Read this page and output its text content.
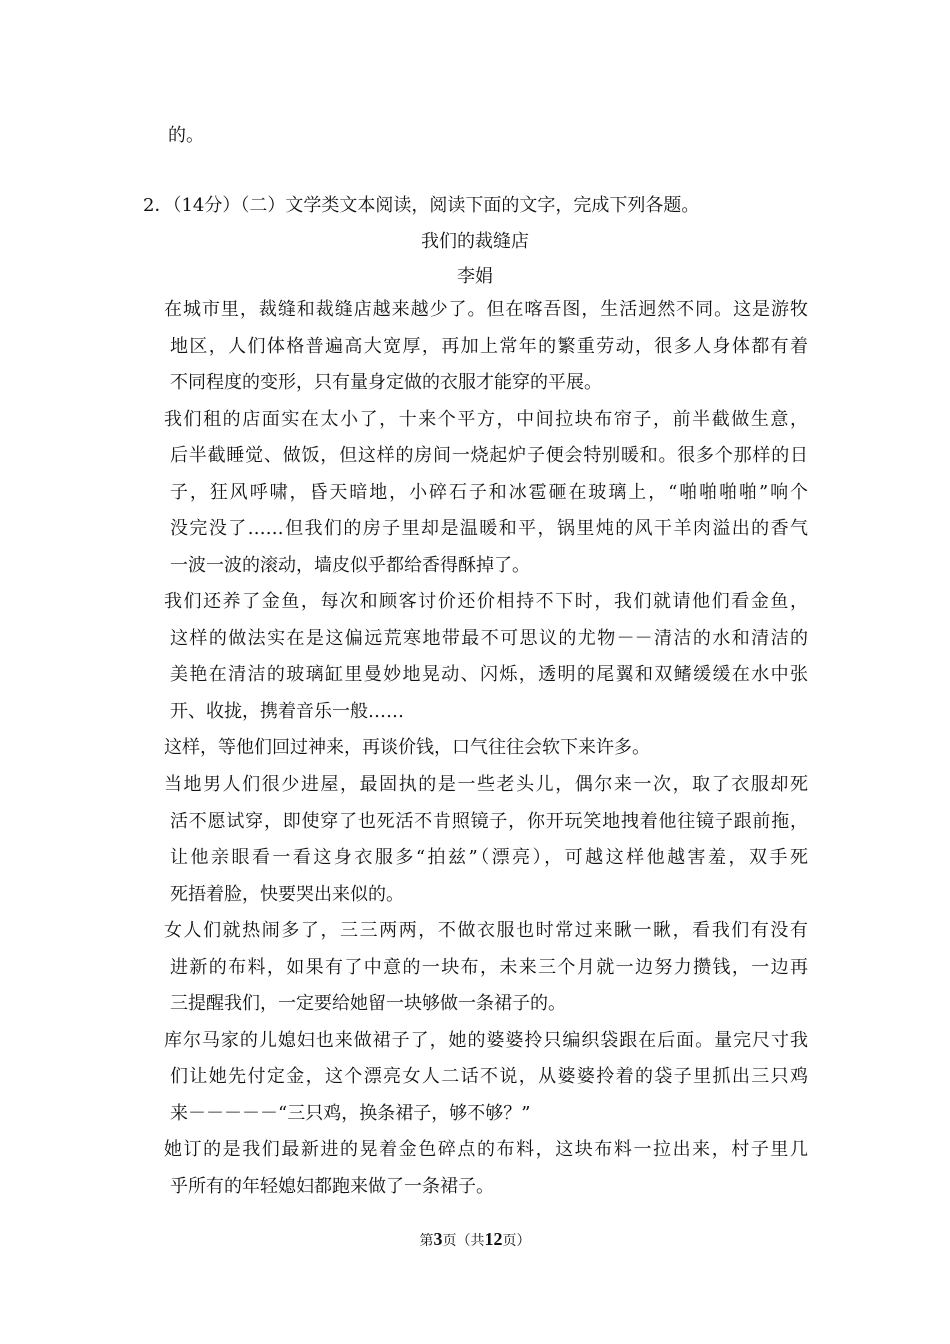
的。
2．（14分）（二）文学类文本阅读，阅读下面的文字，完成下列各题。
我们的裁缝店
李娟
在城市里，裁缝和裁缝店越来越少了。但在喀吾图，生活迥然不同。这是游牧
地区，人们体格普遍高大宽厚，再加上常年的繁重劳动，很多人身体都有着
不同程度的变形，只有量身定做的衣服才能穿的平展。
我们租的店面实在太小了，十来个平方，中间拉块布帘子，前半截做生意，
后半截睡觉、做饭，但这样的房间一烧起炉子便会特别暖和。很多个那样的日
子，狂风呼啸，昏天暗地，小碎石子和冰雹砸在玻璃上，“啪啪啪啪”响个
没完没了……但我们的房子里却是温暖和平，锅里炖的风干羊肉溢出的香气
一波一波的滚动，墙皮似乎都给香得酥掉了。
我们还养了金鱼，每次和顾客讨价还价相持不下时，我们就请他们看金鱼，
这样的做法实在是这偏远荒寒地带最不可思议的尤物－－清洁的水和清洁的
美艳在清洁的玻璃缸里曼妙地晃动、闪烁，透明的尾翼和双鳍缓缓在水中张
开、收拢，携着音乐一般……
这样，等他们回过神来，再谈价钱，口气往往会软下来许多。
当地男人们很少进屋，最固执的是一些老头儿，偶尔来一次，取了衣服却死
活不愿试穿，即使穿了也死活不肯照镜子，你开玩笑地拽着他往镜子跟前拖，
让他亲眼看一看这身衣服多“拍兹”（漂亮），可越这样他越害羞，双手死
死捂着脸，快要哭出来似的。
女人们就热闹多了，三三两两，不做衣服也时常过来瞅一瞅，看我们有没有
进新的布料，如果有了中意的一块布，未来三个月就一边努力攒钱，一边再
三提醒我们，一定要给她留一块够做一条裙子的。
库尔马家的儿媳妇也来做裙子了，她的婆婆拎只编织袋跟在后面。量完尺寸我
们让她先付定金，这个漂亮女人二话不说，从婆婆拎着的袋子里抓出三只鸡
来－－－－－“三只鸡，换条裙子，够不够？”
她订的是我们最新进的晃着金色碎点的布料，这块布料一拉出来，村子里几
乎所有的年轻媳妇都跑来做了一条裙子。
第3页（共12页）
